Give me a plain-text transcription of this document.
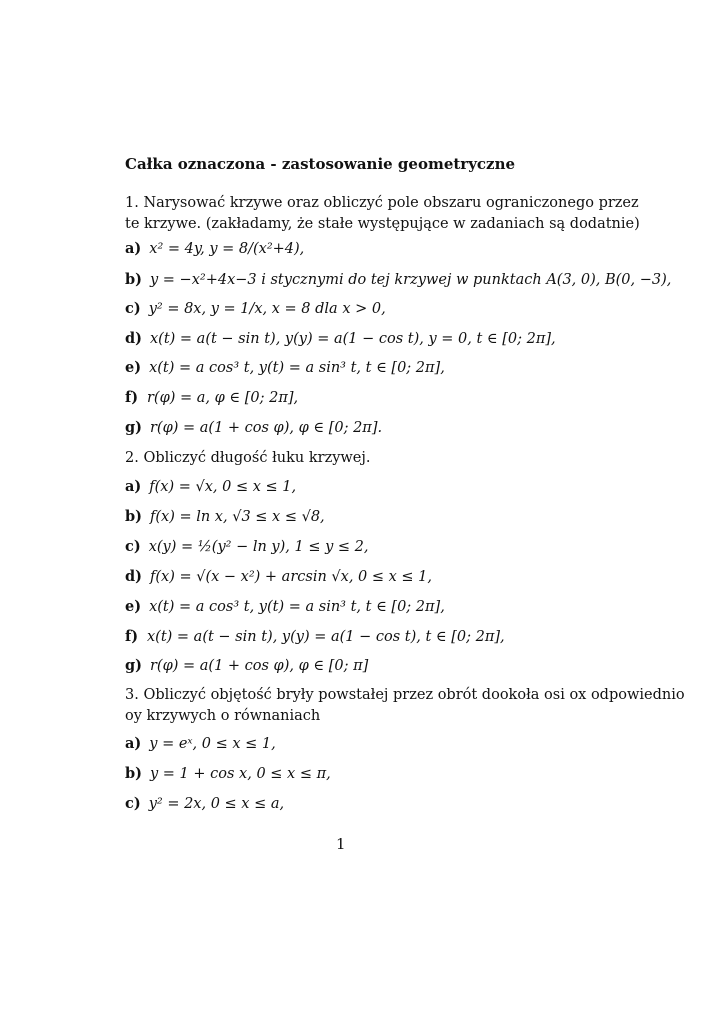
Całka oznaczona - zastosowanie geometryczne
1. Narysować krzywe oraz obliczyć pole obszaru ograniczonego przez
te krzywe. (zakładamy, że stałe występujące w zadaniach są dodatnie)
a) x² = 4y, y = 8/(x²+4),
b) y = −x²+4x−3 i stycznymi do tej krzywej w punktach A(3, 0), B(0, −3),
c) y² = 8x, y = 1/x, x = 8 dla x > 0,
d) x(t) = a(t − sin t), y(y) = a(1 − cos t), y = 0, t ∈ [0; 2π],
e) x(t) = a cos³ t, y(t) = a sin³ t, t ∈ [0; 2π],
f) r(φ) = a, φ ∈ [0; 2π],
g) r(φ) = a(1 + cos φ), φ ∈ [0; 2π].
2. Obliczyć długość łuku krzywej.
a) f(x) = √x, 0 ≤ x ≤ 1,
b) f(x) = ln x, √3 ≤ x ≤ √8,
c) x(y) = ½(y² − ln y), 1 ≤ y ≤ 2,
d) f(x) = √(x − x²) + arcsin √x, 0 ≤ x ≤ 1,
e) x(t) = a cos³ t, y(t) = a sin³ t, t ∈ [0; 2π],
f) x(t) = a(t − sin t), y(y) = a(1 − cos t), t ∈ [0; 2π],
g) r(φ) = a(1 + cos φ), φ ∈ [0; π]
3. Obliczyć objętość bryły powstałej przez obrót dookoła osi ox odpowiednio
oy krzywych o równaniach
a) y = eˣ, 0 ≤ x ≤ 1,
b) y = 1 + cos x, 0 ≤ x ≤ π,
c) y² = 2x, 0 ≤ x ≤ a,
1
